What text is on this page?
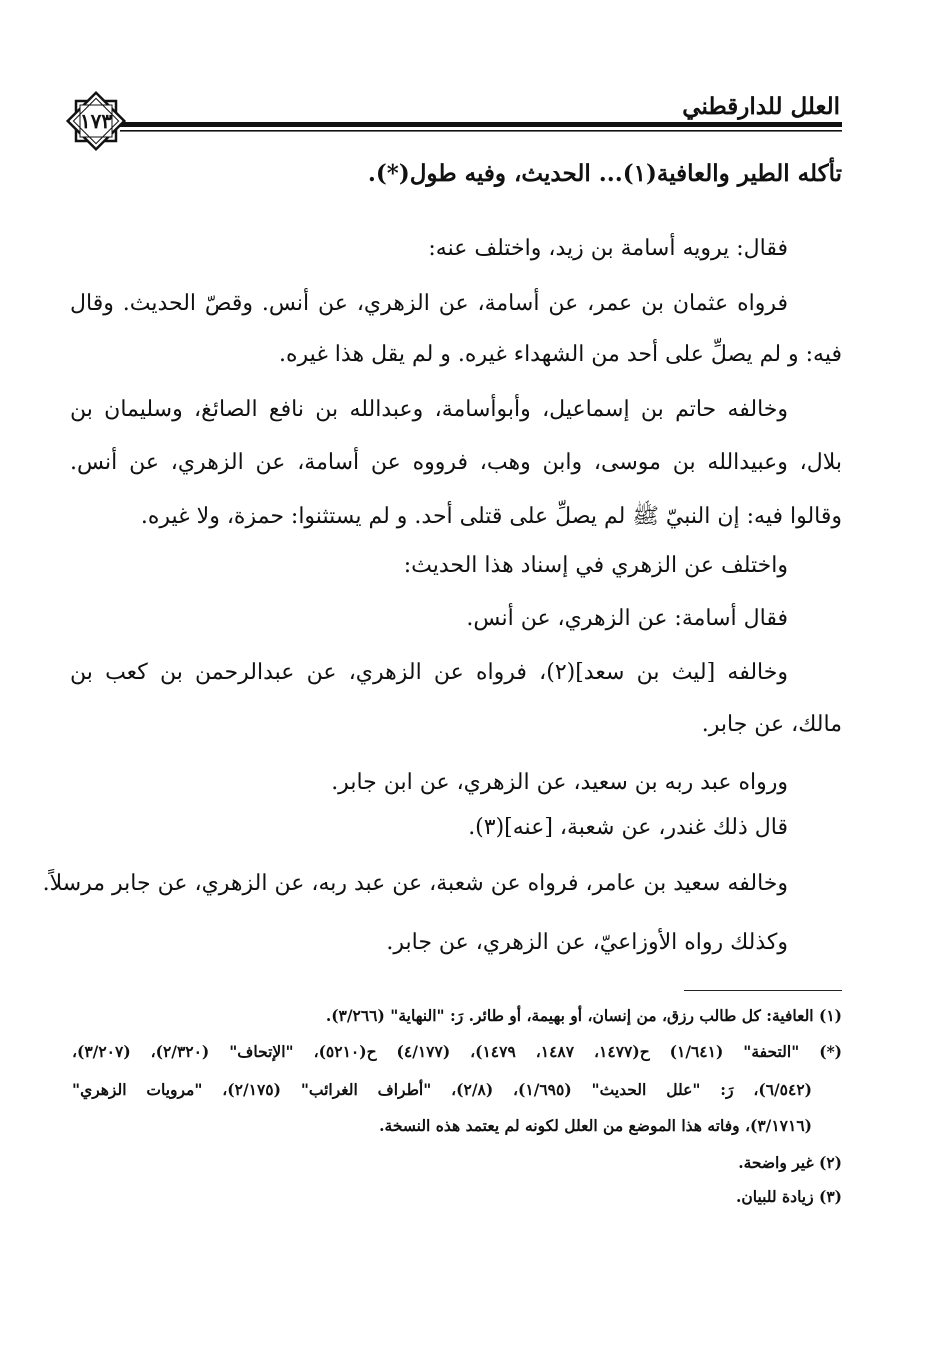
العلل للدارقطني
١٧٣
تأكله الطير والعافية(١)... الحديث، وفيه طول(*).
فقال: يرويه أسامة بن زيد، واختلف عنه:
فرواه عثمان بن عمر، عن أسامة، عن الزهري، عن أنس. وقصّ الحديث. وقال
فيه: و لم يصلِّ على أحد من الشهداء غيره. و لم يقل هذا غيره.
وخالفه حاتم بن إسماعيل، وأبوأسامة، وعبدالله بن نافع الصائغ، وسليمان بن
بلال، وعبيدالله بن موسى، وابن وهب، فرووه عن أسامة، عن الزهري، عن أنس.
وقالوا فيه: إن النبيّ ﷺ لم يصلِّ على قتلى أحد. و لم يستثنوا: حمزة، ولا غيره.
واختلف عن الزهري في إسناد هذا الحديث:
فقال أسامة: عن الزهري، عن أنس.
وخالفه [ليث بن سعد](٢)، فرواه عن الزهري، عن عبدالرحمن بن كعب بن
مالك، عن جابر.
ورواه عبد ربه بن سعيد، عن الزهري، عن ابن جابر.
قال ذلك غندر، عن شعبة، [عنه](٣).
وخالفه سعيد بن عامر، فرواه عن شعبة، عن عبد ربه، عن الزهري، عن جابر مرسلاً.
وكذلك رواه الأوزاعيّ، عن الزهري، عن جابر.
(١) العافية: كل طالب رزق، من إنسان، أو بهيمة، أو طائر. رَ: "النهاية" (٣/٢٦٦).
(*) "التحفة" (١/٦٤١) ح(١٤٧٧، ١٤٨٧، ١٤٧٩)، (٤/١٧٧) ح(٥٢١٠)، "الإتحاف" (٢/٣٢٠)، (٣/٢٠٧)،
(٦/٥٤٢)، رَ: "علل الحديث" (١/٦٩٥)، (٢/٨)، "أطراف الغرائب" (٢/١٧٥)، "مرويات الزهري"
(٣/١٧١٦)، وفاته هذا الموضع من العلل لكونه لم يعتمد هذه النسخة.
(٢) غير واضحة.
(٣) زيادة للبيان.
